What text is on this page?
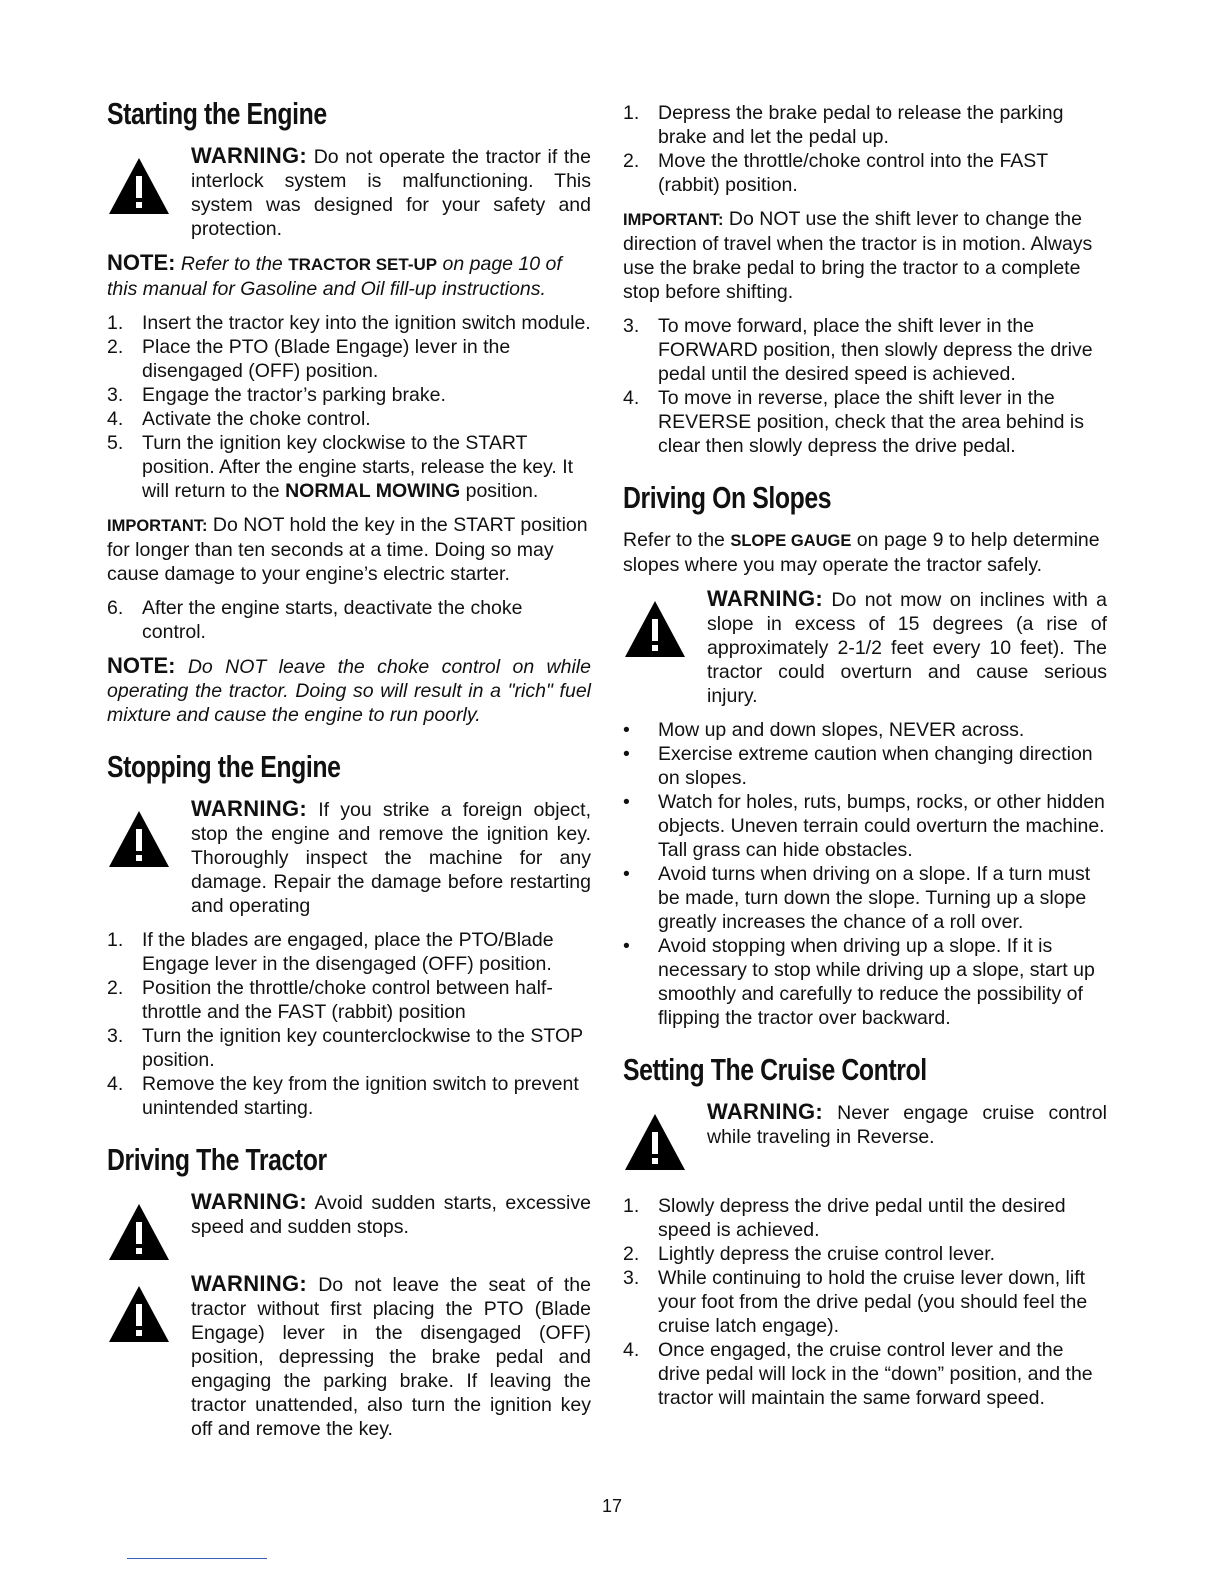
Starting the Engine
WARNING: Do not operate the tractor if the interlock system is malfunctioning. This system was designed for your safety and protection.
NOTE: Refer to the TRACTOR SET-UP on page 10 of this manual for Gasoline and Oil fill-up instructions.
1. Insert the tractor key into the ignition switch module.
2. Place the PTO (Blade Engage) lever in the disengaged (OFF) position.
3. Engage the tractor’s parking brake.
4. Activate the choke control.
5. Turn the ignition key clockwise to the START position. After the engine starts, release the key. It will return to the NORMAL MOWING position.
IMPORTANT: Do NOT hold the key in the START position for longer than ten seconds at a time. Doing so may cause damage to your engine’s electric starter.
6. After the engine starts, deactivate the choke control.
NOTE: Do NOT leave the choke control on while operating the tractor. Doing so will result in a "rich" fuel mixture and cause the engine to run poorly.
Stopping the Engine
WARNING: If you strike a foreign object, stop the engine and remove the ignition key. Thoroughly inspect the machine for any damage. Repair the damage before restarting and operating
1. If the blades are engaged, place the PTO/Blade Engage lever in the disengaged (OFF) position.
2. Position the throttle/choke control between half-throttle and the FAST (rabbit) position
3. Turn the ignition key counterclockwise to the STOP position.
4. Remove the key from the ignition switch to prevent unintended starting.
Driving The Tractor
WARNING: Avoid sudden starts, excessive speed and sudden stops.
WARNING: Do not leave the seat of the tractor without first placing the PTO (Blade Engage) lever in the disengaged (OFF) position, depressing the brake pedal and engaging the parking brake. If leaving the tractor unattended, also turn the ignition key off and remove the key.
1. Depress the brake pedal to release the parking brake and let the pedal up.
2. Move the throttle/choke control into the FAST (rabbit) position.
IMPORTANT: Do NOT use the shift lever to change the direction of travel when the tractor is in motion. Always use the brake pedal to bring the tractor to a complete stop before shifting.
3. To move forward, place the shift lever in the FORWARD position, then slowly depress the drive pedal until the desired speed is achieved.
4. To move in reverse, place the shift lever in the REVERSE position, check that the area behind is clear then slowly depress the drive pedal.
Driving On Slopes
Refer to the SLOPE GAUGE on page 9 to help determine slopes where you may operate the tractor safely.
WARNING: Do not mow on inclines with a slope in excess of 15 degrees (a rise of approximately 2-1/2 feet every 10 feet). The tractor could overturn and cause serious injury.
•	Mow up and down slopes, NEVER across.
•	Exercise extreme caution when changing direction on slopes.
•	Watch for holes, ruts, bumps, rocks, or other hidden objects. Uneven terrain could overturn the machine. Tall grass can hide obstacles.
•	Avoid turns when driving on a slope. If a turn must be made, turn down the slope. Turning up a slope greatly increases the chance of a roll over.
•	Avoid stopping when driving up a slope. If it is necessary to stop while driving up a slope, start up smoothly and carefully to reduce the possibility of flipping the tractor over backward.
Setting The Cruise Control
WARNING: Never engage cruise control while traveling in Reverse.
1. Slowly depress the drive pedal until the desired speed is achieved.
2. Lightly depress the cruise control lever.
3. While continuing to hold the cruise lever down, lift your foot from the drive pedal (you should feel the cruise latch engage).
4. Once engaged, the cruise control lever and the drive pedal will lock in the “down” position, and the tractor will maintain the same forward speed.
17
